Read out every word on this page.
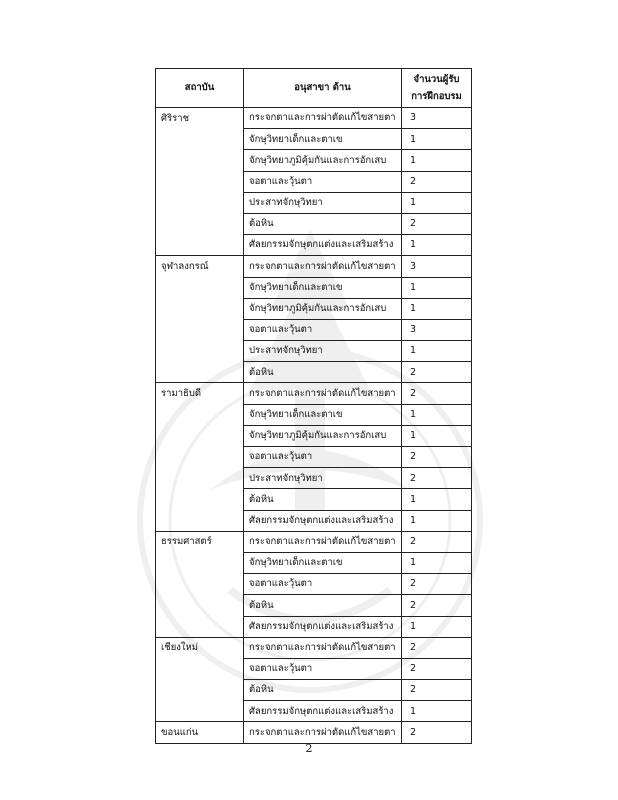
สถาบัน	อนุสาขา ด้าน	จำนวนผู้รับ
การฝึกอบรม
ศิริราช	กระจกตาและการผ่าตัดแก้ไขสายตา	3
	จักษุวิทยาเด็กและตาเข	1
	จักษุวิทยาภูมิคุ้มกันและการอักเสบ	1
	จอตาและวุ้นตา	2
	ประสาทจักษุวิทยา	1
	ต้อหิน	2
	ศัลยกรรมจักษุตกแต่งและเสริมสร้าง	1
จุฬาลงกรณ์	กระจกตาและการผ่าตัดแก้ไขสายตา	3
	จักษุวิทยาเด็กและตาเข	1
	จักษุวิทยาภูมิคุ้มกันและการอักเสบ	1
	จอตาและวุ้นตา	3
	ประสาทจักษุวิทยา	1
	ต้อหิน	2
รามาธิบดี	กระจกตาและการผ่าตัดแก้ไขสายตา	2
	จักษุวิทยาเด็กและตาเข	1
	จักษุวิทยาภูมิคุ้มกันและการอักเสบ	1
	จอตาและวุ้นตา	2
	ประสาทจักษุวิทยา	2
	ต้อหิน	1
	ศัลยกรรมจักษุตกแต่งและเสริมสร้าง	1
ธรรมศาสตร์	กระจกตาและการผ่าตัดแก้ไขสายตา	2
	จักษุวิทยาเด็กและตาเข	1
	จอตาและวุ้นตา	2
	ต้อหิน	2
	ศัลยกรรมจักษุตกแต่งและเสริมสร้าง	1
เชียงใหม่	กระจกตาและการผ่าตัดแก้ไขสายตา	2
	จอตาและวุ้นตา	2
	ต้อหิน	2
	ศัลยกรรมจักษุตกแต่งและเสริมสร้าง	1
ขอนแก่น	กระจกตาและการผ่าตัดแก้ไขสายตา	2
2
